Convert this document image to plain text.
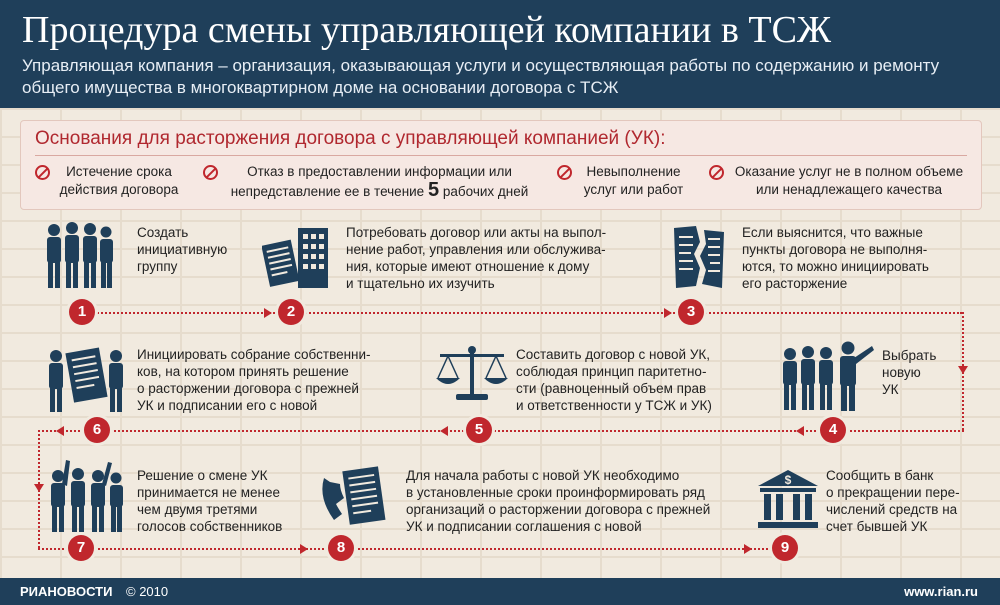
Процедура смены управляющей компании в ТСЖ
Управляющая компания – организация, оказывающая услуги и осуществляющая работы по содержанию и ремонту общего имущества в многоквартирном доме на основании договора с ТСЖ
Основания для расторжения договора с управляющей компанией (УК):
Истечение срока
действия договора
Отказ в предоставлении информации или
непредставление ее в течение 5 рабочих дней
Невыполнение
услуг или работ
Оказание услуг не в полном объеме
или ненадлежащего качества
Создать
инициативную
группу
1
Потребовать договор или акты на выпол-
нение работ, управления или обслужива-
ния, которые имеют отношение к дому
и тщательно их изучить
2
Если выяснится, что важные
пункты договора не выполня-
ются, то можно инициировать
его расторжение
3
Выбрать
новую
УК
4
Составить договор с новой УК,
соблюдая принцип паритетно-
сти (равноценный объем прав
и ответственности у ТСЖ и УК)
5
Инициировать собрание собственни-
ков, на котором принять решение
о расторжении договора с прежней
УК и подписании его с новой
6
Решение о смене УК
принимается не менее
чем двумя третями
голосов собственников
7
Для начала работы с новой УК необходимо
в установленные сроки проинформировать ряд
организаций о расторжении договора с прежней
УК и подписании соглашения с новой
8
$	Сообщить в банк
о прекращении пере-
числений средств на
счет бывшей УК
9
РИАНОВОСТИ © 2010	www.rian.ru
